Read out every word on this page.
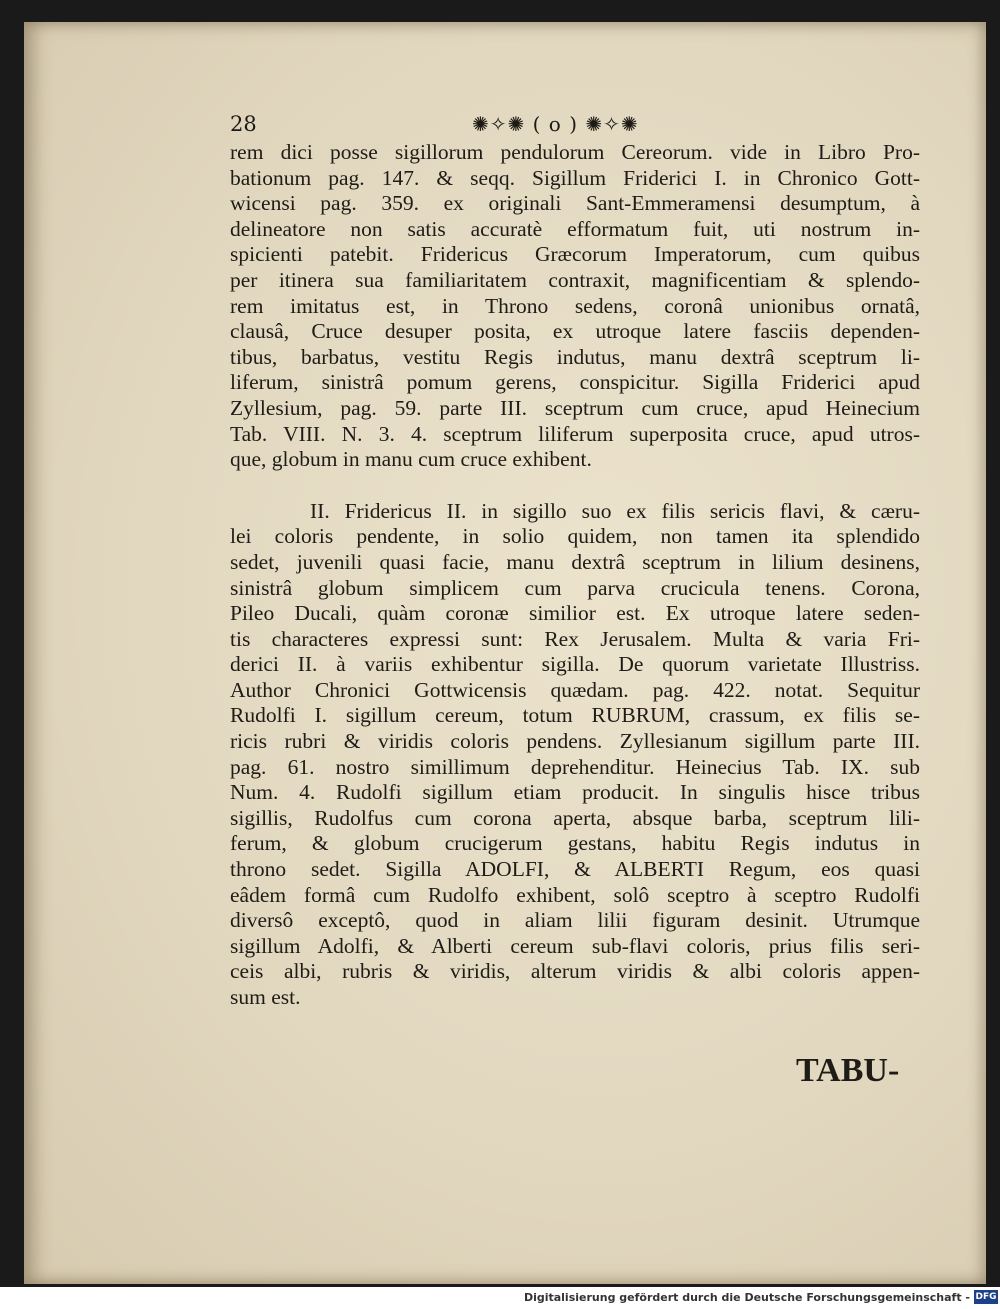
28	✺✧✺ ( o ) ✺✧✺
rem dici posse sigillorum pendulorum Cereorum. vide in Libro Pro-
bationum pag. 147. & seqq. Sigillum Friderici I. in Chronico Gott-
wicensi pag. 359. ex originali Sant-Emmeramensi desumptum, à
delineatore non satis accuratè efformatum fuit, uti nostrum in-
spicienti patebit. Fridericus Græcorum Imperatorum, cum quibus
per itinera sua familiaritatem contraxit, magnificentiam & splendo-
rem imitatus est, in Throno sedens, coronâ unionibus ornatâ,
clausâ, Cruce desuper posita, ex utroque latere fasciis dependen-
tibus, barbatus, vestitu Regis indutus, manu dextrâ sceptrum li-
liferum, sinistrâ pomum gerens, conspicitur. Sigilla Friderici apud
Zyllesium, pag. 59. parte III. sceptrum cum cruce, apud Heinecium
Tab. VIII. N. 3. 4. sceptrum liliferum superposita cruce, apud utros-
que, globum in manu cum cruce exhibent.
II. Fridericus II. in sigillo suo ex filis sericis flavi, & cæru-
lei coloris pendente, in solio quidem, non tamen ita splendido
sedet, juvenili quasi facie, manu dextrâ sceptrum in lilium desinens,
sinistrâ globum simplicem cum parva crucicula tenens. Corona,
Pileo Ducali, quàm coronæ similior est. Ex utroque latere seden-
tis characteres expressi sunt: Rex Jerusalem. Multa & varia Fri-
derici II. à variis exhibentur sigilla. De quorum varietate Illustriss.
Author Chronici Gottwicensis quædam. pag. 422. notat. Sequitur
Rudolfi I. sigillum cereum, totum RUBRUM, crassum, ex filis se-
ricis rubri & viridis coloris pendens. Zyllesianum sigillum parte III.
pag. 61. nostro simillimum deprehenditur. Heinecius Tab. IX. sub
Num. 4. Rudolfi sigillum etiam producit. In singulis hisce tribus
sigillis, Rudolfus cum corona aperta, absque barba, sceptrum lili-
ferum, & globum crucigerum gestans, habitu Regis indutus in
throno sedet. Sigilla ADOLFI, & ALBERTI Regum, eos quasi
eâdem formâ cum Rudolfo exhibent, solô sceptro à sceptro Rudolfi
diversô exceptô, quod in aliam lilii figuram desinit. Utrumque
sigillum Adolfi, & Alberti cereum sub-flavi coloris, prius filis seri-
ceis albi, rubris & viridis, alterum viridis & albi coloris appen-
sum est.
TABU-
Digitalisierung gefördert durch die Deutsche Forschungsgemeinschaft - DFG
